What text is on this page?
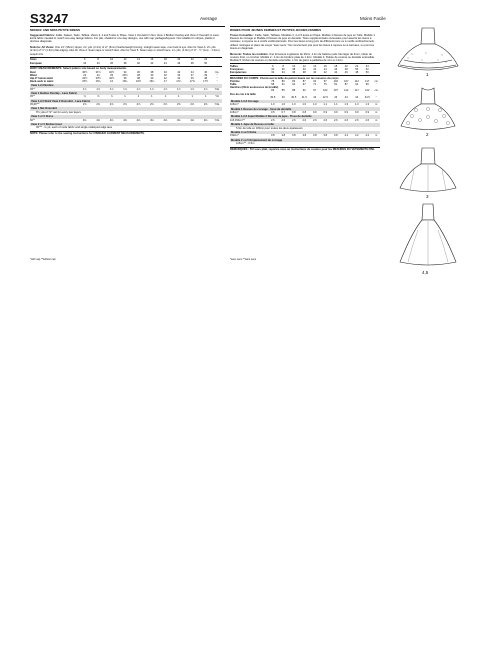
S3247	Average	Moins Facile
MISSES' AND MISS PETITE DRESS
Suggested Fabrics: Faille, Sateen, Satin, Taffeta. Views 3, 4 and 5 also in Pique. View 1 Overskirt in Net. View 1 Bodice Overlay and View 2 Overskirt in Lace. Extra fabric needed to match one-way design fabrics. For pile, shaded or one-way designs, use with nap yardages/layouts. Not suitable for stripes, plaids or obvious diagonals.
Notions: All Views: One 14" (36cm) zipper, 2¾ yds. (2.4m) of ⅛" (6mm) featherweight boning, straight seam tape, one hook & eye. Also for View A: 2¾ yds. (2.4m) of ½" (1.3cm) flat edging. Also for View 4: Seam tape or stretch lace. Also for View 5: Seam tape or stretch lace, 1¾ yds. (1.6m) of ⅜" - ½" (1cm - 1.3cm) sequin trim.
Sizes	6	8	10	12	14	16	18	20	22	24	
European	32	34	36	38	40	42	44	46	48	50	
BODY MEASUREMENTS: Select pattern size based on body measurements.
Bust	30½	31½	32½	34	36	38	40	42	44	46	Ins.
Waist	23	24	25	26½	28	30	32	34	37	39	"
Hip-9" below waist	32½	33½	34½	36	38	40	42	44	46	48	"
Back-neck to waist	15½	15¾	16	16¼	16½	16¾	17	17¼	17⅜	17½	"
View 1,2,3 Bodice
45"*	1⅞	1⅞	1⅞	1⅞	1⅞	1⅞	1⅞	1⅞	1⅞	1⅞	Yds.
View 1 Bodice Overlay - Lace Fabric
45"*	⅝	⅝	⅞	1	1	1	1	1	1	1	Yd.
View 1,2,3 Skirt/ View 2 Overskirt - Lace Fabric
45,60"**	2⅝	2⅝	2⅝	2⅝	2⅝	2⅝	2⅝	2⅝	2⅝	2⅝	Yds.
View 1 Net Overskirt
6½ yds.of 72" net for every two layers
View 4 or 5 Dress
60"*	4⅛	4⅛	4⅛	4⅛	4⅛	4⅛	4⅛	4⅛	4⅛	4⅛	Yds.
View 2 or 5 Bodice Inset
45"** - ⅛ yd. each of nude fabric and single scalloped edge lace
NOTE: Please refer to the sewing instructions for FINISHED GARMENT MEASUREMENTS.
*with nap **without nap
ROBES POUR JEUNES FEMMES ET PETITES JEUNES FEMMES
Tissus Conseillés : Faille, Satin, Taffetas. Modèles 3, 4 et 5 aussi en Piqué. Modèle 1 Dessus de jupe en Tulle. Modèle 1 Dessus de corsage et Modèle 2 Dessus de jupe en dentelle. Tissu supplémentaire nécessaire pour assortir les tissus à carreaux, à rayures ou à motifs unidirectionnels. Pour les tissus à long poil, de différents tons ou à motifs unidirectionnels utilisez métrages et plans de coupe "avec sens." Ne conviennent pas pour les tissus à rayures ou à carreaux, ou pour les tissus en diagonale.
Mercerie: Toutes les modèles: Une fermeture à glissière de 36cm, 2.4m de baleine pods très léger de 6mm, ruban de couture droit, un crochet. Modèle 2 : 2.4m de bordure plate de 1.3cm. Modèle 4: Ruban de couture ou dentelle extensible. Modèle 5: Ruban de couture ou dentelle extensible, 1.6m de galon à paillettes de 1cm à 1.3cm.
Tailles	6	8	10	12	14	16	18	20	22	24	
Françaises	34	36	38	40	42	44	46	48	50	52	
Européennes	32	34	36	38	40	42	44	46	48	50	
MESURES DU CORPS: Choisissez la taille du patron basée sur les mesures du corps
Poitrine	78	80	83	87	92	97	102	107	112	117	cm
Taille	58	61	64	67	71	76	81	87	94	99	"
Hanches (23cm au-dessous de la taille)											
	83	85	88	92	97	102	107	112	117	122	cm
Dos du cou à la taille											
	39.5	40	40.5	41.5	42	42.5	43	44	44	44.5	"
Modèle 1,2,3 Corsage
115cm*	1.0	1.0	1.0	1.0	1.0	1.1	1.1	1.3	1.3	1.3	m
Modèle 1 Dessus de corsage - tissu de dentelle
115cm*	0.5	0.7	0.8	0.8	0.9	0.9	0.9	0.9	0.9	0.9	m
Modèle 1,2,3 Jupe/ Modèle 2 Dessus de jupe - Tissu de dentelle
115,150cm**	2.6	2.6	2.6	2.6	2.6	2.6	2.6	2.6	2.6	2.6	m
Modèle 1 Jupe de Dessus en tulle
5.9m de tulle en 183cm pour toutes les deux épaisseurs
Modèle 4 ou 5 Robe
150cm*	3.8	3.8	3.8	3.8	3.8	3.8	3.8	4.2	4.2	4.2	m
Modèle 2 ou 5 Empiècement du corsage
115cm** - 0.5m
REMARQUES : S'il vous plaît, reportez-vous au instructions de couture pour les MESURES DU VÊTEMENTS FINI.
*avec sens **sans sens
1
2
3
4,5
